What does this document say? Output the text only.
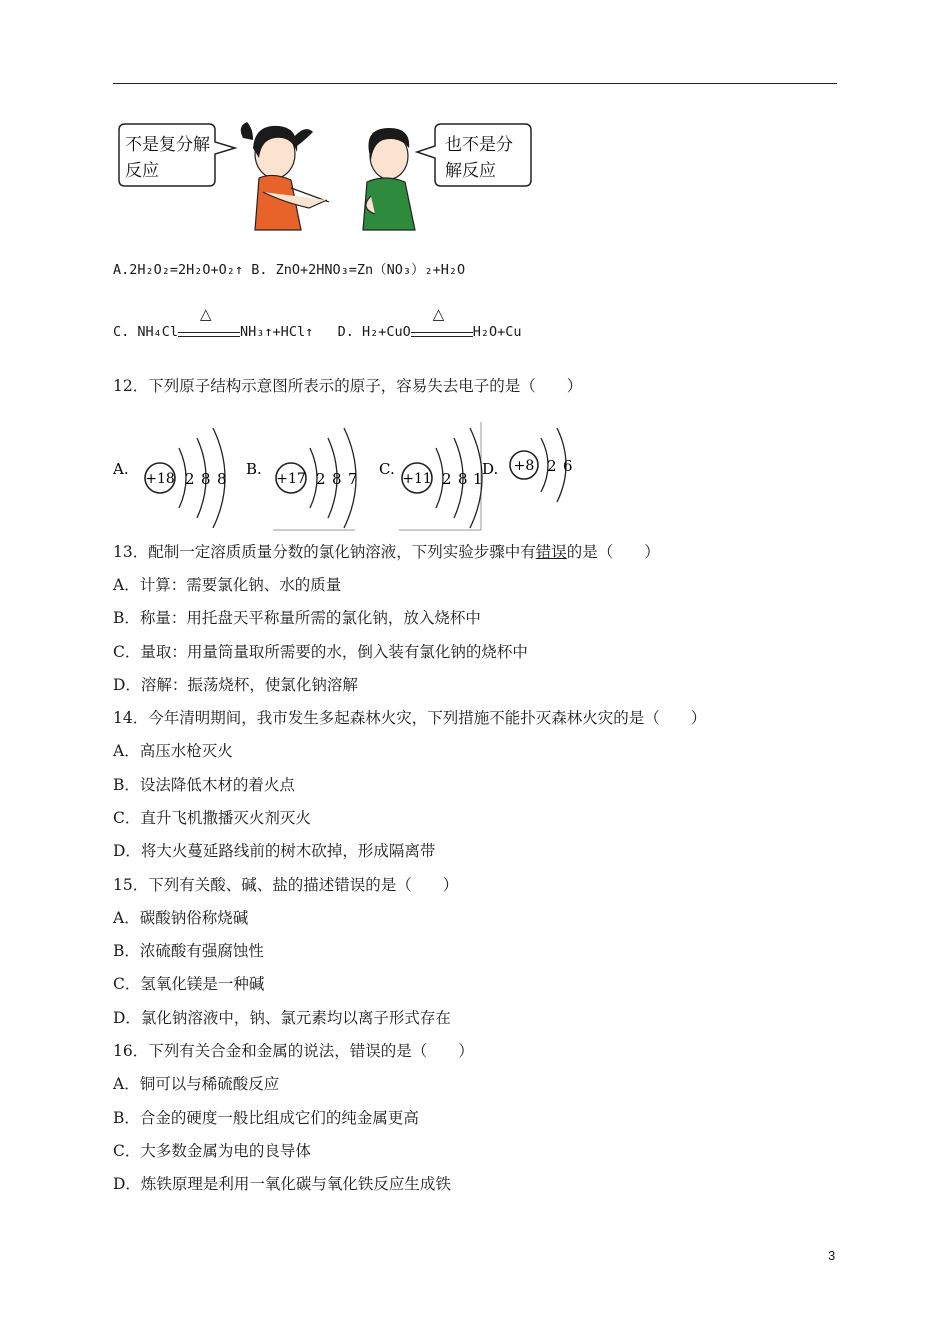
不是复分解
反应
也不是分
解反应
A.2H₂O₂=2H₂O+O₂↑ B. ZnO+2HNO₃=Zn（NO₃）₂+H₂O
C. NH₄Cl
△
NH₃↑+HCl↑ D. H₂+CuO
△
H₂O+Cu
12．下列原子结构示意图所表示的原子，容易失去电子的是（　　）
A.
+18 2 8 8
B.
+17 2 8 7
C.
+11 2 8 1
D. +8 2 6
13．配制一定溶质质量分数的氯化钠溶液，下列实验步骤中有错误的是（　　）
A．计算：需要氯化钠、水的质量
B．称量：用托盘天平称量所需的氯化钠，放入烧杯中
C．量取：用量筒量取所需要的水，倒入装有氯化钠的烧杯中
D．溶解：振荡烧杯，使氯化钠溶解
14．今年清明期间，我市发生多起森林火灾，下列措施不能扑灭森林火灾的是（　　）
A．高压水枪灭火
B．设法降低木材的着火点
C．直升飞机撒播灭火剂灭火
D．将大火蔓延路线前的树木砍掉，形成隔离带
15．下列有关酸、碱、盐的描述错误的是（　　）
A．碳酸钠俗称烧碱
B．浓硫酸有强腐蚀性
C．氢氧化镁是一种碱
D．氯化钠溶液中，钠、氯元素均以离子形式存在
16．下列有关合金和金属的说法，错误的是（　　）
A．铜可以与稀硫酸反应
B．合金的硬度一般比组成它们的纯金属更高
C．大多数金属为电的良导体
D．炼铁原理是利用一氧化碳与氧化铁反应生成铁
3
